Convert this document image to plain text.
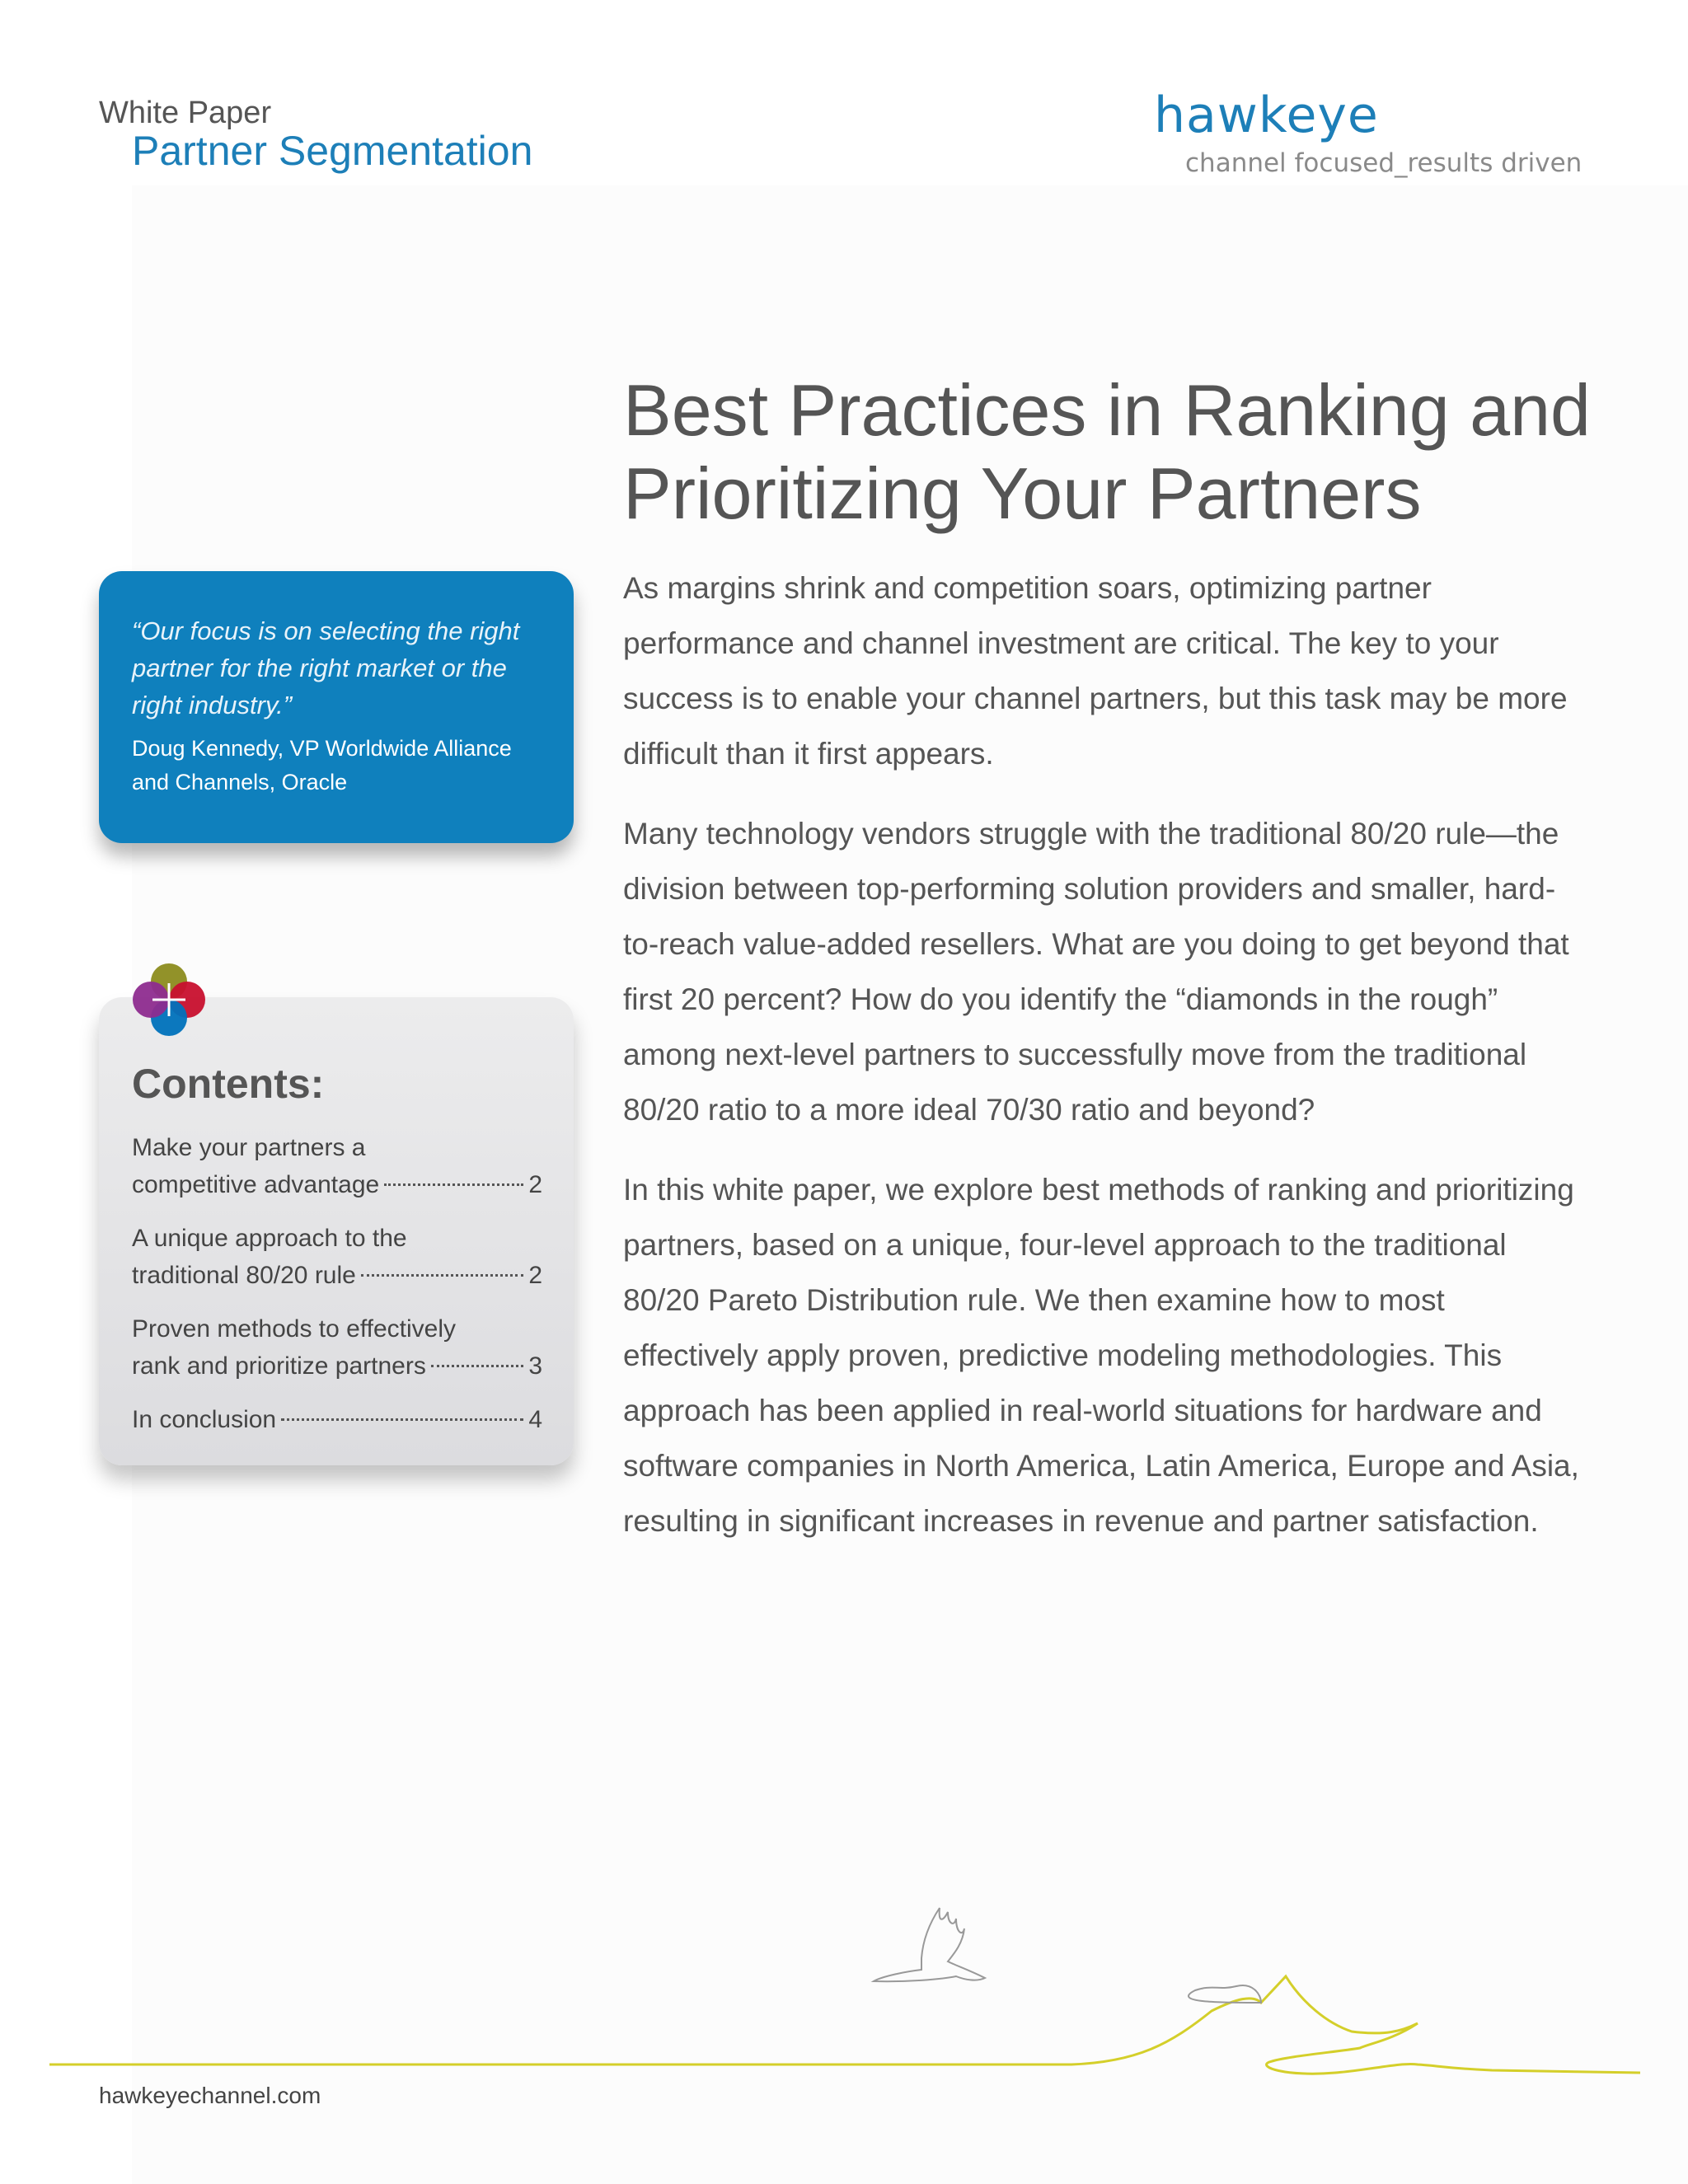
White Paper
Partner Segmentation
hawkeye
channel focused_results driven
Best Practices in Ranking and
Prioritizing Your Partners

As margins shrink and competition soars, optimizing partner performance and channel investment are critical. The key to your success is to enable your channel partners, but this task may be more difficult than it first appears.

Many technology vendors struggle with the traditional 80/20 rule—the division between top-performing solution providers and smaller, hard-to-reach value-added resellers. What are you doing to get beyond that first 20 percent? How do you identify the “diamonds in the rough” among next-level partners to successfully move from the traditional 80/20 ratio to a more ideal 70/30 ratio and beyond?

In this white paper, we explore best methods of ranking and prioritizing partners, based on a unique, four-level approach to the traditional 80/20 Pareto Distribution rule. We then examine how to most effectively apply proven, predictive modeling methodologies. This approach has been applied in real-world situations for hardware and software companies in North America, Latin America, Europe and Asia, resulting in significant increases in revenue and partner satisfaction.

“Our focus is on selecting the right partner for the right market or the right industry.”

Doug Kennedy, VP Worldwide Alliance and Channels, Oracle

Contents:
Make your partners a
competitive advantage	2
A unique approach to the
traditional 80/20 rule	2
Proven methods to effectively
rank and prioritize partners	3
In conclusion	4
hawkeyechannel.com
